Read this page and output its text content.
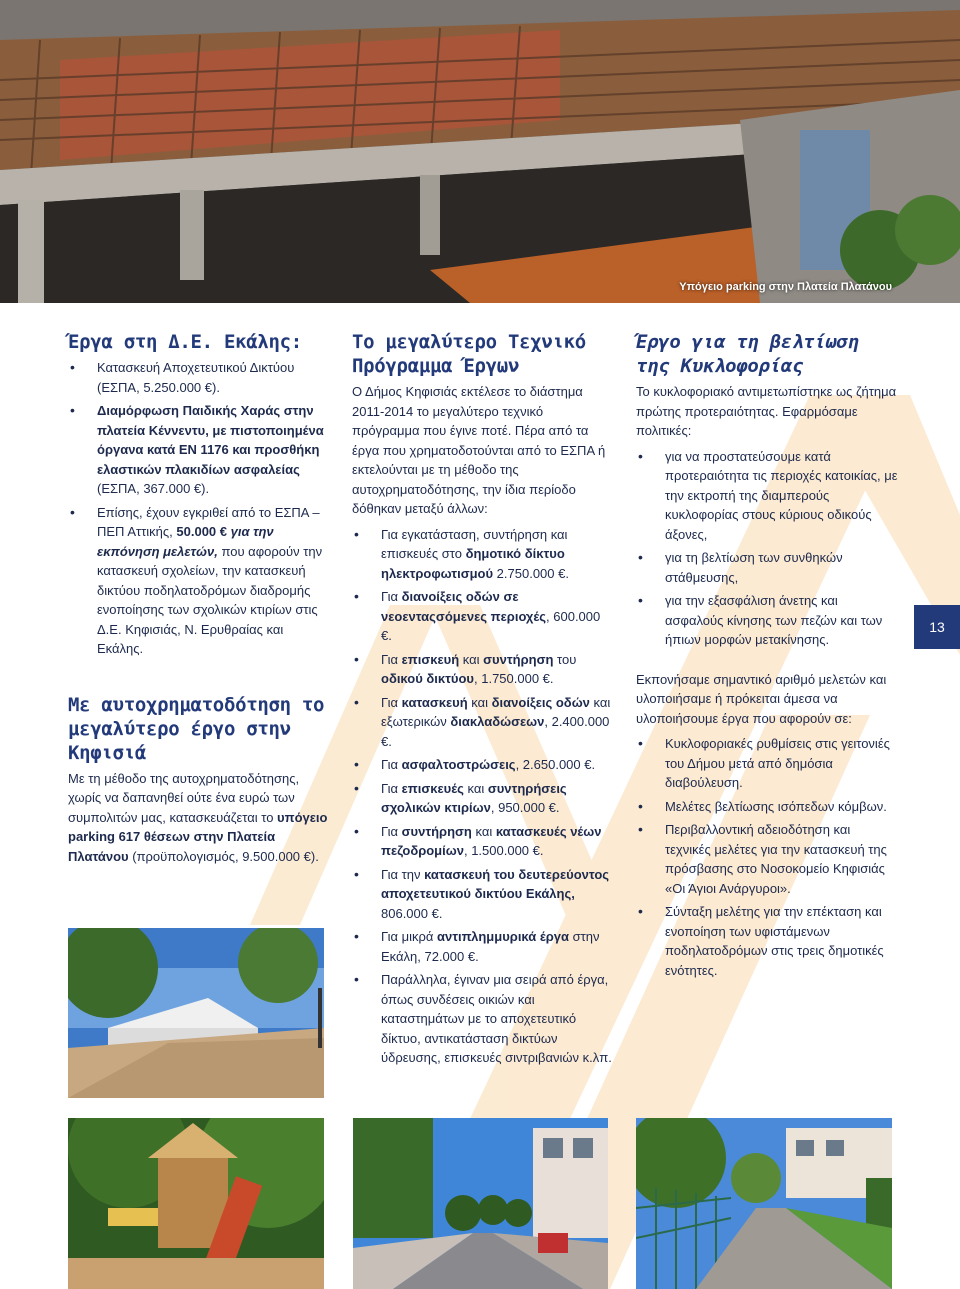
Υπόγειο parking στην Πλατεία Πλατάνου
Έργα στη Δ.Ε. Εκάλης:
• Κατασκευή Αποχετευτικού Δικτύου (ΕΣΠΑ, 5.250.000 €).
• Διαμόρφωση Παιδικής Χαράς στην πλατεία Κέννεντυ, με πιστοποιημένα όργανα κατά EN 1176 και προσθήκη ελαστικών πλακιδίων ασφαλείας (ΕΣΠΑ, 367.000 €).
• Επίσης, έχουν εγκριθεί από το ΕΣΠΑ – ΠΕΠ Αττικής, 50.000 € για την εκπόνηση μελετών, που αφορούν την κατασκευή σχολείων, την κατασκευή δικτύου ποδηλατοδρόμων διαδρομής ενοποίησης των σχολικών κτιρίων στις Δ.Ε. Κηφισιάς, Ν. Ερυθραίας και Εκάλης.
Με αυτοχρηματοδότηση το μεγαλύτερο έργο στην Κηφισιά

Με τη μέθοδο της αυτοχρηματοδότησης, χωρίς να δαπανηθεί ούτε ένα ευρώ των συμπολιτών μας, κατασκευάζεται το υπόγειο parking 617 θέσεων στην Πλατεία Πλατάνου (προϋπολογισμός, 9.500.000 €).

Το μεγαλύτερο Τεχνικό Πρόγραμμα Έργων

Ο Δήμος Κηφισιάς εκτέλεσε το διάστημα 2011-2014 το μεγαλύτερο τεχνικό πρόγραμμα που έγινε ποτέ. Πέρα από τα έργα που χρηματοδοτούνται από το ΕΣΠΑ ή εκτελούνται με τη μέθοδο της αυτοχρηματοδότησης, την ίδια περίοδο δόθηκαν μεταξύ άλλων:

• Για εγκατάσταση, συντήρηση και επισκευές στο δημοτικό δίκτυο ηλεκτροφωτισμού 2.750.000 €.
• Για διανοίξεις οδών σε νεοενταςσόμενες περιοχές, 600.000 €.
• Για επισκευή και συντήρηση του οδικού δικτύου, 1.750.000 €.
• Για κατασκευή και διανοίξεις οδών και εξωτερικών διακλαδώσεων, 2.400.000 €.
• Για ασφαλτοστρώσεις, 2.650.000 €.
• Για επισκευές και συντηρήσεις σχολικών κτιρίων, 950.000 €.
• Για συντήρηση και κατασκευές νέων πεζοδρομίων, 1.500.000 €.
• Για την κατασκευή του δευτερεύοντος αποχετευτικού δικτύου Εκάλης, 806.000 €.
• Για μικρά αντιπλημμυρικά έργα στην Εκάλη, 72.000 €.
• Παράλληλα, έγιναν μια σειρά από έργα, όπως συνδέσεις οικιών και καταστημάτων με το αποχετευτικό δίκτυο, αντικατάσταση δικτύων ύδρευσης, επισκευές σιντριβανιών κ.λπ.
Έργο για τη βελτίωση της Κυκλοφορίας

Το κυκλοφοριακό αντιμετωπίστηκε ως ζήτημα πρώτης προτεραιότητας. Εφαρμόσαμε πολιτικές:

• για να προστατεύσουμε κατά προτεραιότητα τις περιοχές κατοικίας, με την εκτροπή της διαμπερούς κυκλοφορίας στους κύριους οδικούς άξονες,
• για τη βελτίωση των συνθηκών στάθμευσης,
• για την εξασφάλιση άνετης και ασφαλούς κίνησης των πεζών και των ήπιων μορφών μετακίνησης.

Εκπονήσαμε σημαντικό αριθμό μελετών και υλοποιήσαμε ή πρόκειται άμεσα να υλοποιήσουμε έργα που αφορούν σε:

• Κυκλοφοριακές ρυθμίσεις στις γειτονιές του Δήμου μετά από δημόσια διαβούλευση.
• Μελέτες βελτίωσης ισόπεδων κόμβων.
• Περιβαλλοντική αδειοδότηση και τεχνικές μελέτες για την κατασκευή της πρόσβασης στο Νοσοκομείο Κηφισιάς «Οι Άγιοι Ανάργυροι».
• Σύνταξη μελέτης για την επέκταση και ενοποίηση των υφιστάμενων ποδηλατοδρόμων στις τρεις δημοτικές ενότητες.
13
